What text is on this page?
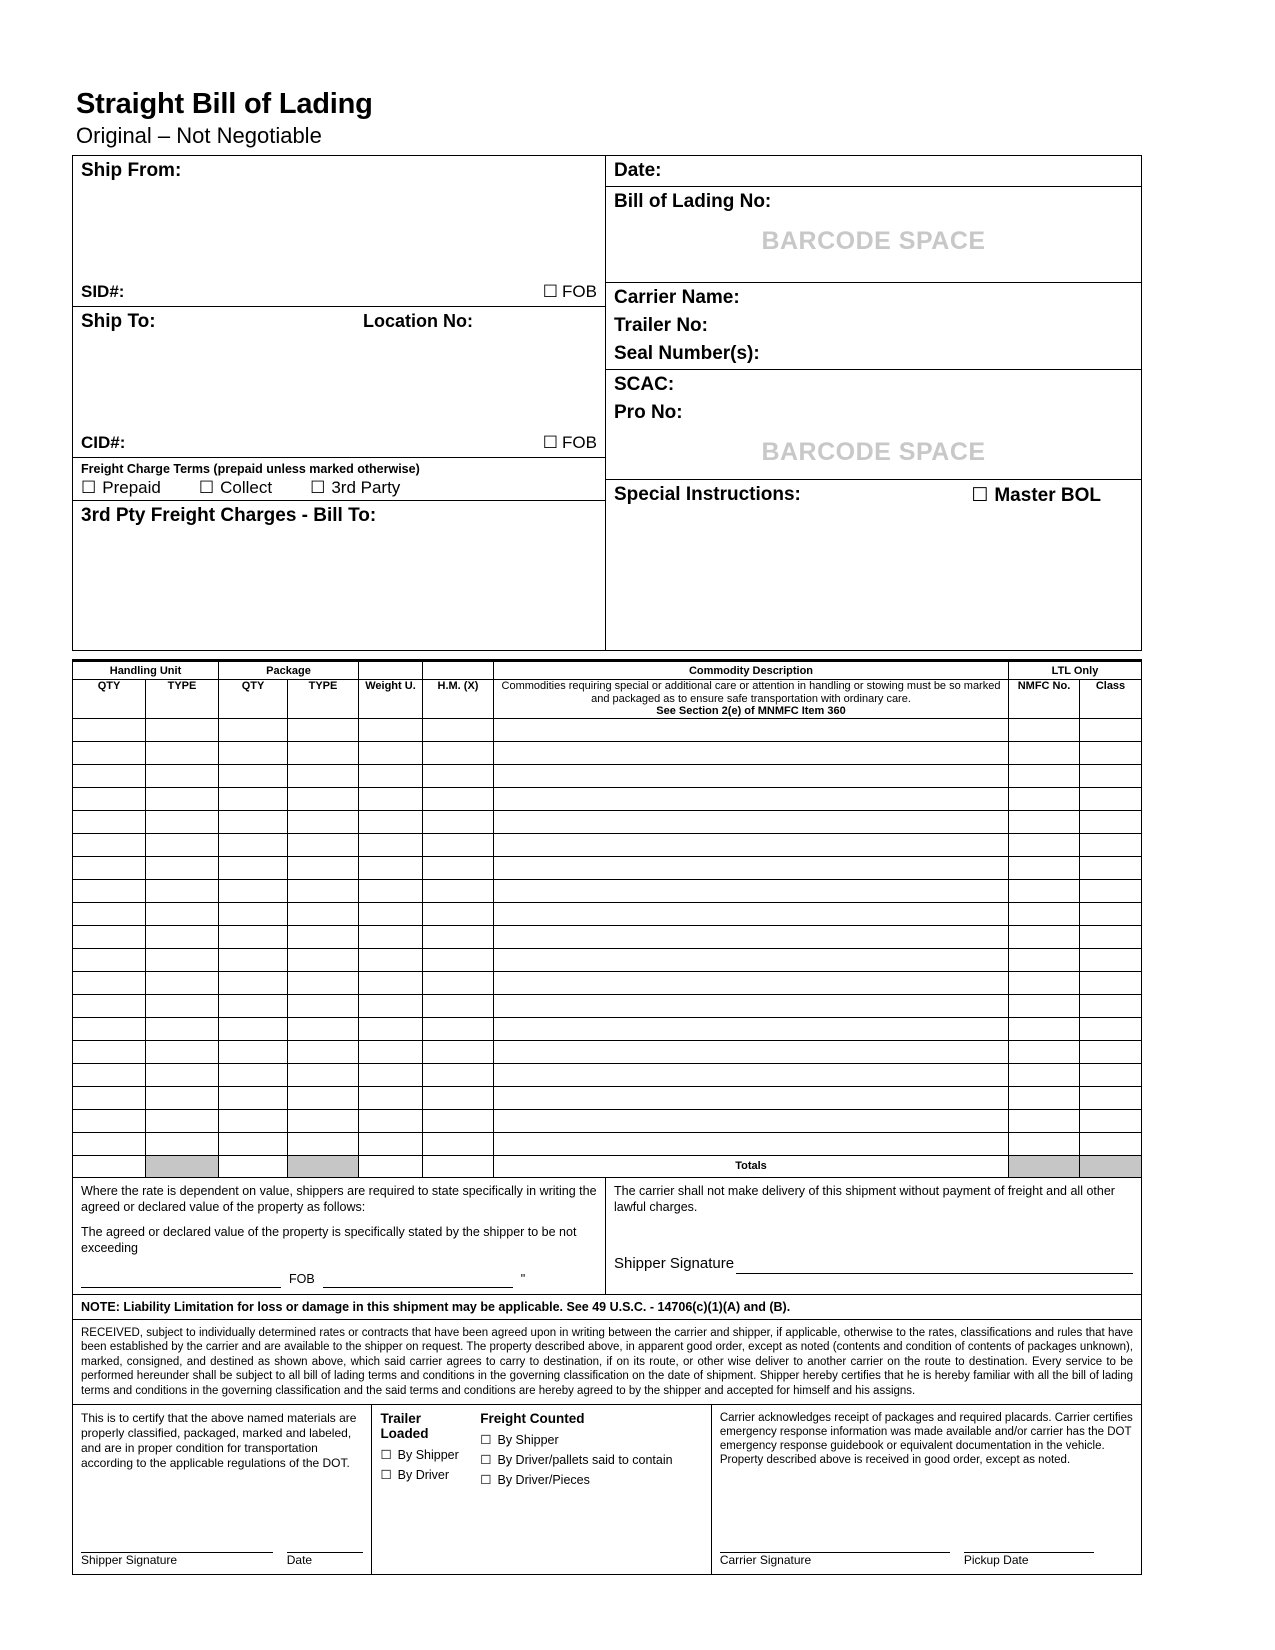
Straight Bill of Lading
Original – Not Negotiable
Ship From:
SID#:	☐ FOB
Ship To:	Location No:
CID#:	☐ FOB
Freight Charge Terms (prepaid unless marked otherwise)
☐ Prepaid	☐ Collect	☐ 3rd Party
3rd Pty Freight Charges - Bill To:
Date:
Bill of Lading No:
BARCODE SPACE
Carrier Name:
Trailer No:
Seal Number(s):
SCAC:
Pro No:
BARCODE SPACE
Special Instructions:	☐ Master BOL
Handling Unit		Package				Commodity Description	LTL Only	
QTY	TYPE	QTY	TYPE	Weight U.	H.M. (X)	Commodities requiring special or additional care or attention in handling or stowing must be so marked and packaged as to ensure safe transportation with ordinary care.
See Section 2(e) of MNMFC Item 360	NMFC No.	Class

						Totals		
Where the rate is dependent on value, shippers are required to state specifically in writing the agreed or declared value of the property as follows:
The agreed or declared value of the property is specifically stated by the shipper to be not exceeding
FOB	"
The carrier shall not make delivery of this shipment without payment of freight and all other lawful charges.
Shipper Signature
NOTE: Liability Limitation for loss or damage in this shipment may be applicable. See 49 U.S.C. - 14706(c)(1)(A) and (B).
RECEIVED, subject to individually determined rates or contracts that have been agreed upon in writing between the carrier and shipper, if applicable, otherwise to the rates, classifications and rules that have been established by the carrier and are available to the shipper on request. The property described above, in apparent good order, except as noted (contents and condition of contents of packages unknown), marked, consigned, and destined as shown above, which said carrier agrees to carry to destination, if on its route, or other wise deliver to another carrier on the route to destination. Every service to be performed hereunder shall be subject to all bill of lading terms and conditions in the governing classification on the date of shipment. Shipper hereby certifies that he is hereby familiar with all the bill of lading terms and conditions in the governing classification and the said terms and conditions are hereby agreed to by the shipper and accepted for himself and his assigns.
This is to certify that the above named materials are properly classified, packaged, marked and labeled, and are in proper condition for transportation according to the applicable regulations of the DOT.
Shipper Signature	Date
Trailer Loaded
☐ By Shipper
☐ By Driver
Freight Counted
☐ By Shipper
☐ By Driver/pallets said to contain
☐ By Driver/Pieces
Carrier acknowledges receipt of packages and required placards. Carrier certifies emergency response information was made available and/or carrier has the DOT emergency response guidebook or equivalent documentation in the vehicle. Property described above is received in good order, except as noted.
Carrier Signature	Pickup Date
